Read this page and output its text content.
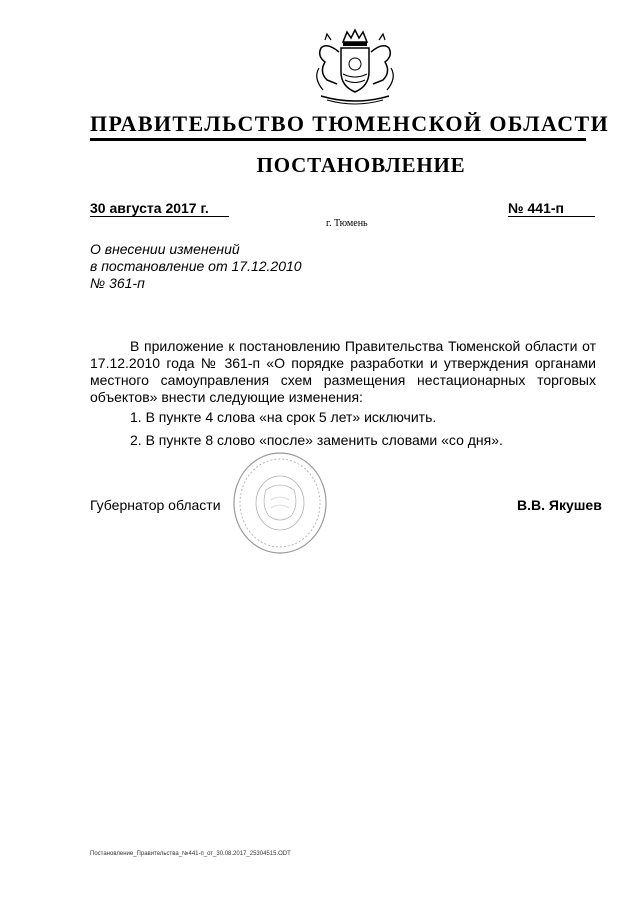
ПРАВИТЕЛЬСТВО ТЮМЕНСКОЙ ОБЛАСТИ
ПОСТАНОВЛЕНИЕ
30 августа 2017 г.	№ 441-п
г. Тюмень
О внесении изменений
в постановление от 17.12.2010
№ 361-п

В приложение к постановлению Правительства Тюменской области от 17.12.2010 года № 361-п «О порядке разработки и утверждения органами местного самоуправления схем размещения нестационарных торговых объектов» внести следующие изменения:

1. В пункте 4 слова «на срок 5 лет» исключить.
2. В пункте 8 слово «после» заменить словами «со дня».
Губернатор области	В.В. Якушев
Постановление_Правительства_№441-п_от_30.08.2017_25304515.ODT
